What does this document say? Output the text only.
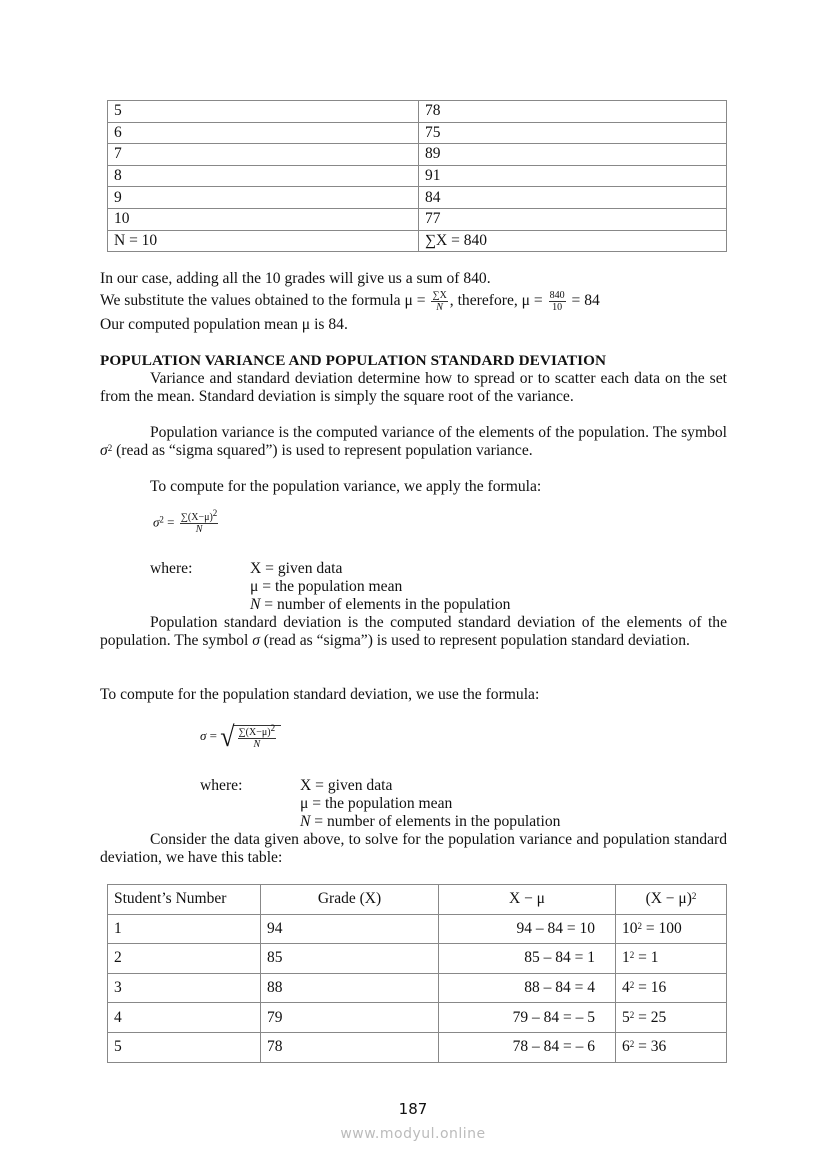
5	78
6	75
7	89
8	91
9	84
10	77
N = 10	∑X = 840
In our case, adding all the 10 grades will give us a sum of 840.
We substitute the values obtained to the formula $\mu = \frac{\sum X}{N}$ , therefore, $\mu = \frac{840}{10} = 84$
Our computed population mean μ is 84.
POPULATION VARIANCE AND POPULATION STANDARD DEVIATION
Variance and standard deviation determine how to spread or to scatter each data on the set from the mean. Standard deviation is simply the square root of the variance.
Population variance is the computed variance of the elements of the population. The symbol $\sigma^2$ (read as “sigma squared”) is used to represent population variance.
To compute for the population variance, we apply the formula:
$\sigma^2 = \frac{\sum(X-\mu)^2}{N}$
where:	X = given data
μ = the population mean
N = number of elements in the population
Population standard deviation is the computed standard deviation of the elements of the population. The symbol σ (read as “sigma”) is used to represent population standard deviation.
To compute for the population standard deviation, we use the formula:
σ = √ $\frac{\sum(X-\mu)^2}{N}$
where:	X = given data
μ = the population mean
N = number of elements in the population
Consider the data given above, to solve for the population variance and population standard deviation, we have this table:
Student’s Number	Grade (X)	X − μ	$(X - \mu)^2$
1	94	94 – 84 = 10	$10^2 = 100$
2	85	85 – 84 = 1	$1^2 = 1$
3	88	88 – 84 = 4	$4^2 = 16$
4	79	79 – 84 = – 5	$5^2 = 25$
5	78	78 – 84 = – 6	$6^2 = 36$
187
www.modyul.online
